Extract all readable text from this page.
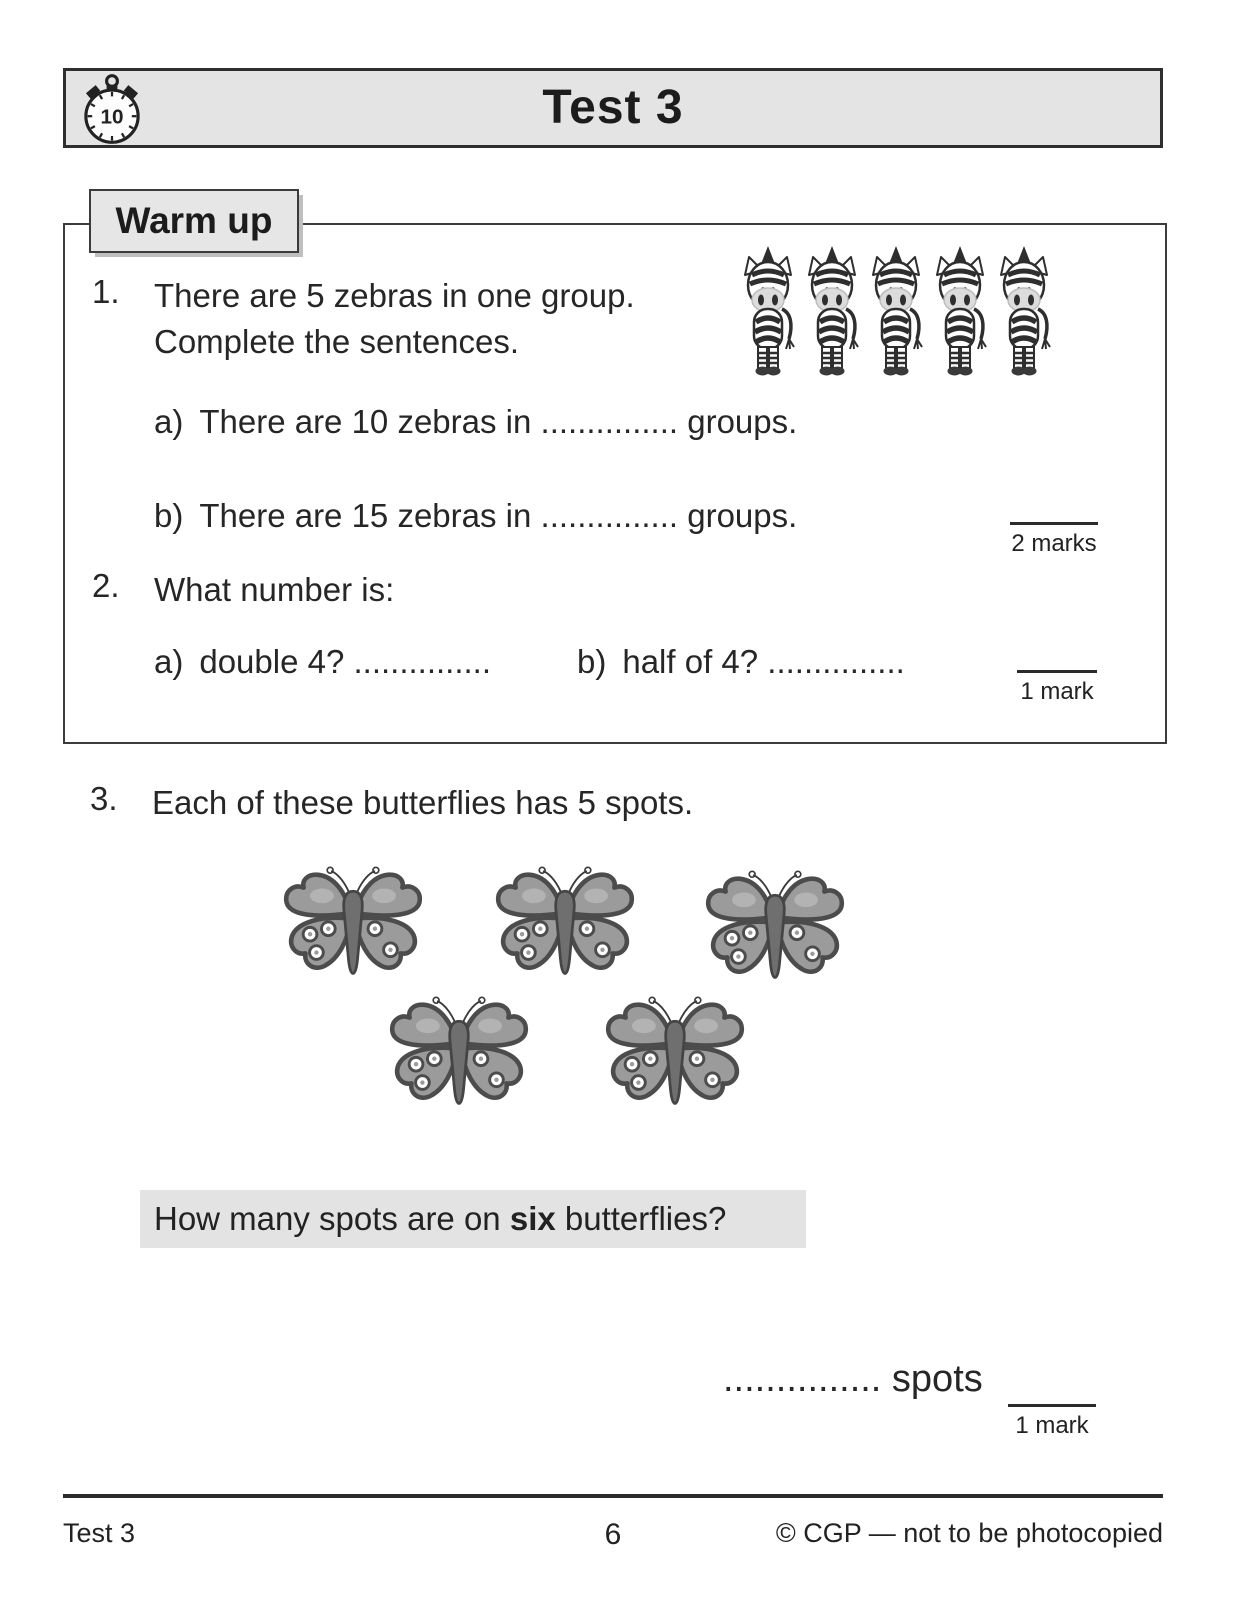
Test 3
10
Warm up
1. There are 5 zebras in one group.
Complete the sentences.
a) There are 10 zebras in ............... groups.
b) There are 15 zebras in ............... groups.
2 marks
2. What number is:
a) double 4? ...............	b) half of 4? ...............
1 mark
3. Each of these butterflies has 5 spots.
How many spots are on six butterflies?
............... spots
1 mark
Test 3	6	© CGP — not to be photocopied
